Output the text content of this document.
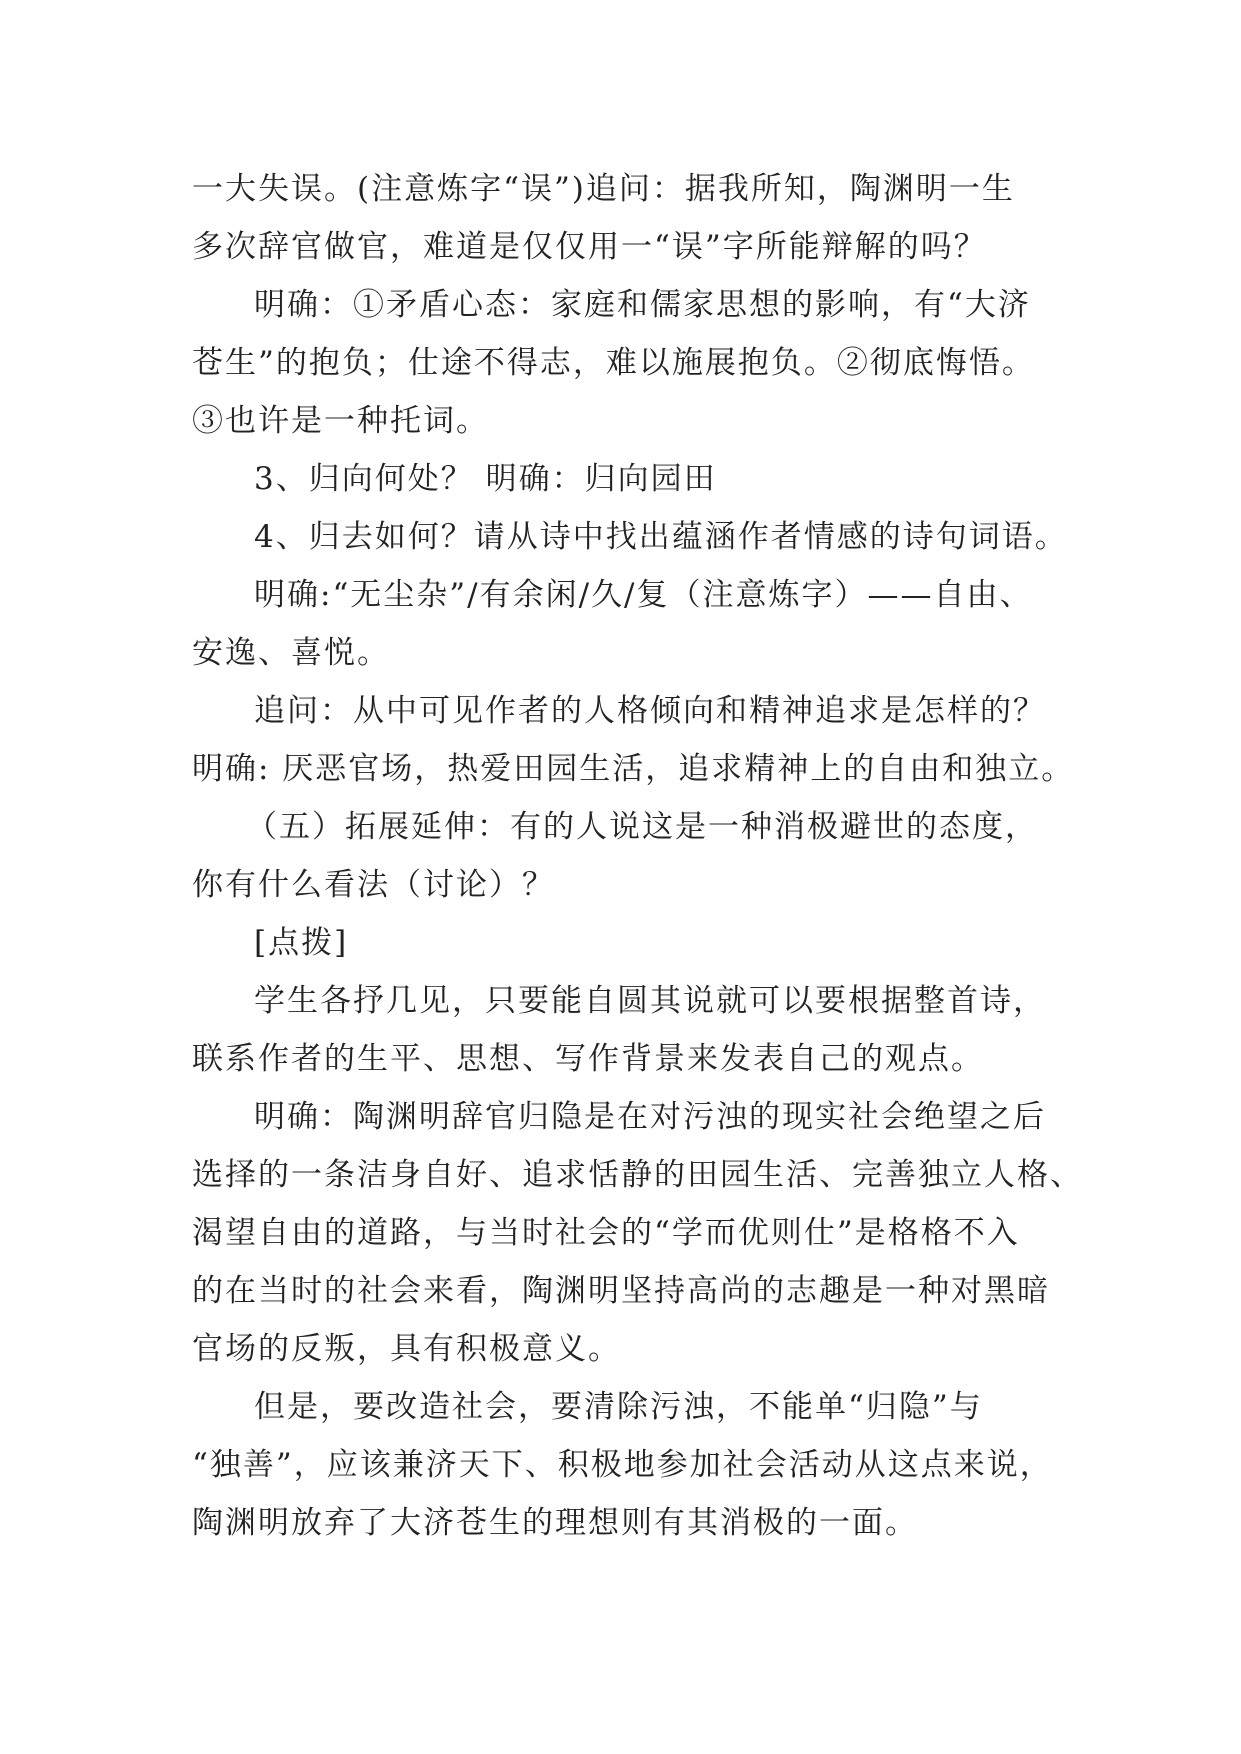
一大失误。(注意炼字“误”)追问：据我所知，陶渊明一生
多次辞官做官，难道是仅仅用一“误”字所能辩解的吗？
明确：①矛盾心态：家庭和儒家思想的影响，有“大济
苍生”的抱负；仕途不得志，难以施展抱负。②彻底悔悟。
③也许是一种托词。
3、归向何处？ 明确：归向园田
4、归去如何？请从诗中找出蕴涵作者情感的诗句词语。
明确:“无尘杂”/有余闲/久/复（注意炼字）——自由、
安逸、喜悦。
追问：从中可见作者的人格倾向和精神追求是怎样的？
明确: 厌恶官场，热爱田园生活，追求精神上的自由和独立。
（五）拓展延伸：有的人说这是一种消极避世的态度，
你有什么看法（讨论）？
[点拨]
学生各抒几见，只要能自圆其说就可以要根据整首诗，
联系作者的生平、思想、写作背景来发表自己的观点。
明确：陶渊明辞官归隐是在对污浊的现实社会绝望之后
选择的一条洁身自好、追求恬静的田园生活、完善独立人格、
渴望自由的道路，与当时社会的“学而优则仕”是格格不入
的在当时的社会来看，陶渊明坚持高尚的志趣是一种对黑暗
官场的反叛，具有积极意义。
但是，要改造社会，要清除污浊，不能单“归隐”与
“独善”，应该兼济天下、积极地参加社会活动从这点来说，
陶渊明放弃了大济苍生的理想则有其消极的一面。
